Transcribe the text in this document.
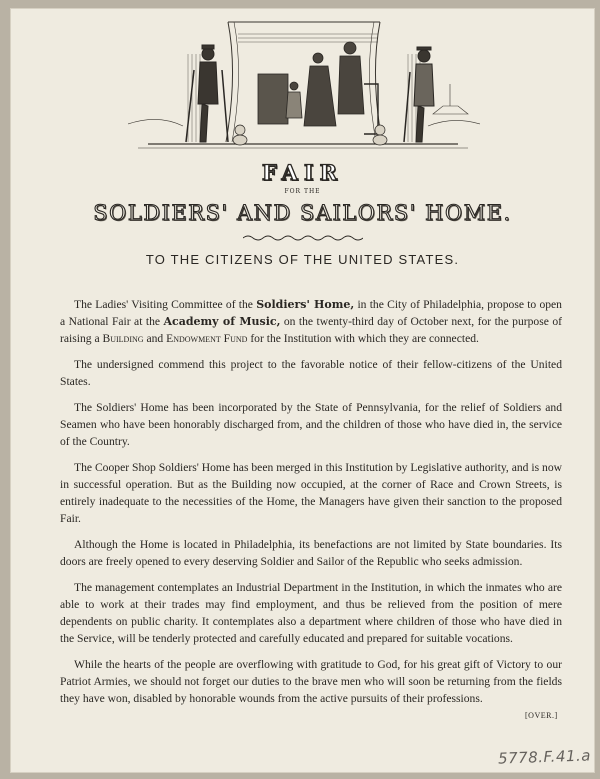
FAIR
FOR THE
SOLDIERS' AND SAILORS' HOME.
TO THE CITIZENS OF THE UNITED STATES.

The Ladies' Visiting Committee of the Soldiers' Home, in the City of Philadelphia, propose to open a National Fair at the Academy of Music, on the twenty-third day of October next, for the purpose of raising a Building and Endowment Fund for the Institution with which they are connected.

The undersigned commend this project to the favorable notice of their fellow-citizens of the United States.

The Soldiers' Home has been incorporated by the State of Pennsylvania, for the relief of Soldiers and Seamen who have been honorably discharged from, and the children of those who have died in, the service of the Country.

The Cooper Shop Soldiers' Home has been merged in this Institution by Legislative authority, and is now in successful operation. But as the Building now occupied, at the corner of Race and Crown Streets, is entirely inadequate to the necessities of the Home, the Managers have given their sanction to the proposed Fair.

Although the Home is located in Philadelphia, its benefactions are not limited by State boundaries. Its doors are freely opened to every deserving Soldier and Sailor of the Republic who seeks admission.

The management contemplates an Industrial Department in the Institution, in which the inmates who are able to work at their trades may find employment, and thus be relieved from the position of mere dependents on public charity. It contemplates also a department where children of those who have died in the Service, will be tenderly protected and carefully educated and prepared for suitable vocations.

While the hearts of the people are overflowing with gratitude to God, for his great gift of Victory to our Patriot Armies, we should not forget our duties to the brave men who will soon be returning from the fields they have won, disabled by honorable wounds from the active pursuits of their professions.

[OVER.]
5778.F.41.a
